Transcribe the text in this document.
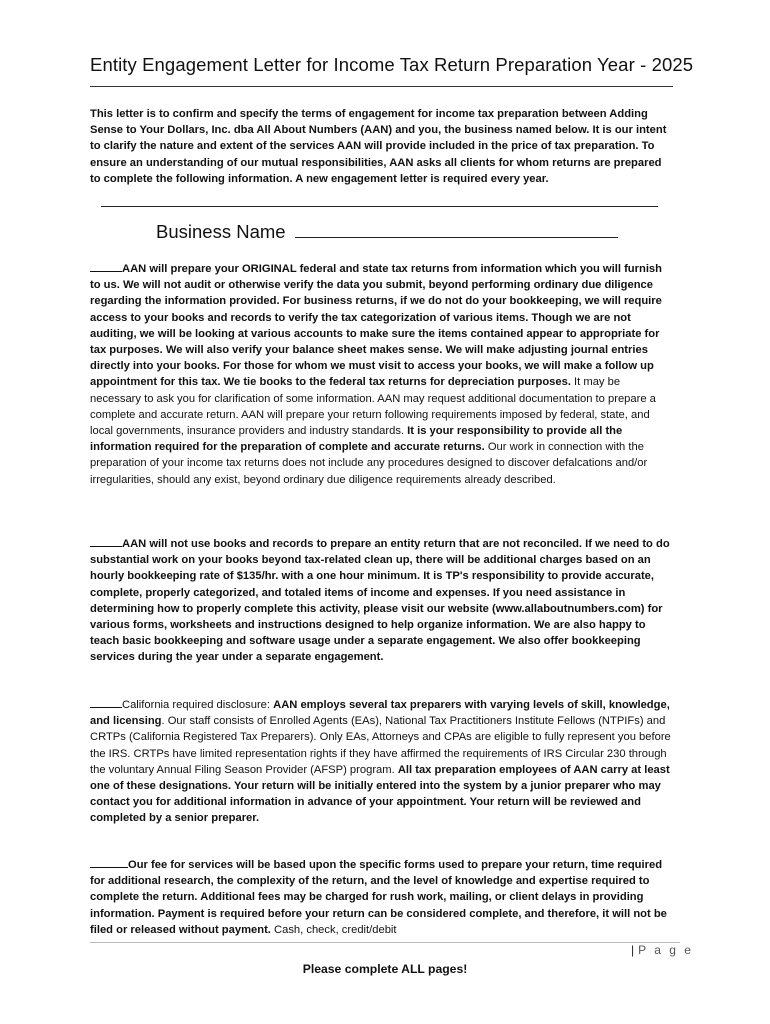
Entity Engagement Letter for Income Tax Return Preparation Year - 2025
This letter is to confirm and specify the terms of engagement for income tax preparation between Adding Sense to Your Dollars, Inc. dba All About Numbers (AAN) and you, the business named below. It is our intent to clarify the nature and extent of the services AAN will provide included in the price of tax preparation. To ensure an understanding of our mutual responsibilities, AAN asks all clients for whom returns are prepared to complete the following information. A new engagement letter is required every year.
Business Name
AAN will prepare your ORIGINAL federal and state tax returns from information which you will furnish to us. We will not audit or otherwise verify the data you submit, beyond performing ordinary due diligence regarding the information provided. For business returns, if we do not do your bookkeeping, we will require access to your books and records to verify the tax categorization of various items. Though we are not auditing, we will be looking at various accounts to make sure the items contained appear to appropriate for tax purposes. We will also verify your balance sheet makes sense. We will make adjusting journal entries directly into your books. For those for whom we must visit to access your books, we will make a follow up appointment for this tax. We tie books to the federal tax returns for depreciation purposes. It may be necessary to ask you for clarification of some information. AAN may request additional documentation to prepare a complete and accurate return. AAN will prepare your return following requirements imposed by federal, state, and local governments, insurance providers and industry standards. It is your responsibility to provide all the information required for the preparation of complete and accurate returns. Our work in connection with the preparation of your income tax returns does not include any procedures designed to discover defalcations and/or irregularities, should any exist, beyond ordinary due diligence requirements already described.
AAN will not use books and records to prepare an entity return that are not reconciled. If we need to do substantial work on your books beyond tax-related clean up, there will be additional charges based on an hourly bookkeeping rate of $135/hr. with a one hour minimum. It is TP's responsibility to provide accurate, complete, properly categorized, and totaled items of income and expenses. If you need assistance in determining how to properly complete this activity, please visit our website (www.allaboutnumbers.com) for various forms, worksheets and instructions designed to help organize information. We are also happy to teach basic bookkeeping and software usage under a separate engagement. We also offer bookkeeping services during the year under a separate engagement.
California required disclosure: AAN employs several tax preparers with varying levels of skill, knowledge, and licensing. Our staff consists of Enrolled Agents (EAs), National Tax Practitioners Institute Fellows (NTPIFs) and CRTPs (California Registered Tax Preparers). Only EAs, Attorneys and CPAs are eligible to fully represent you before the IRS. CRTPs have limited representation rights if they have affirmed the requirements of IRS Circular 230 through the voluntary Annual Filing Season Provider (AFSP) program. All tax preparation employees of AAN carry at least one of these designations. Your return will be initially entered into the system by a junior preparer who may contact you for additional information in advance of your appointment. Your return will be reviewed and completed by a senior preparer.
Our fee for services will be based upon the specific forms used to prepare your return, time required for additional research, the complexity of the return, and the level of knowledge and expertise required to complete the return. Additional fees may be charged for rush work, mailing, or client delays in providing information. Payment is required before your return can be considered complete, and therefore, it will not be filed or released without payment. Cash, check, credit/debit
| P a g e
Please complete ALL pages!
